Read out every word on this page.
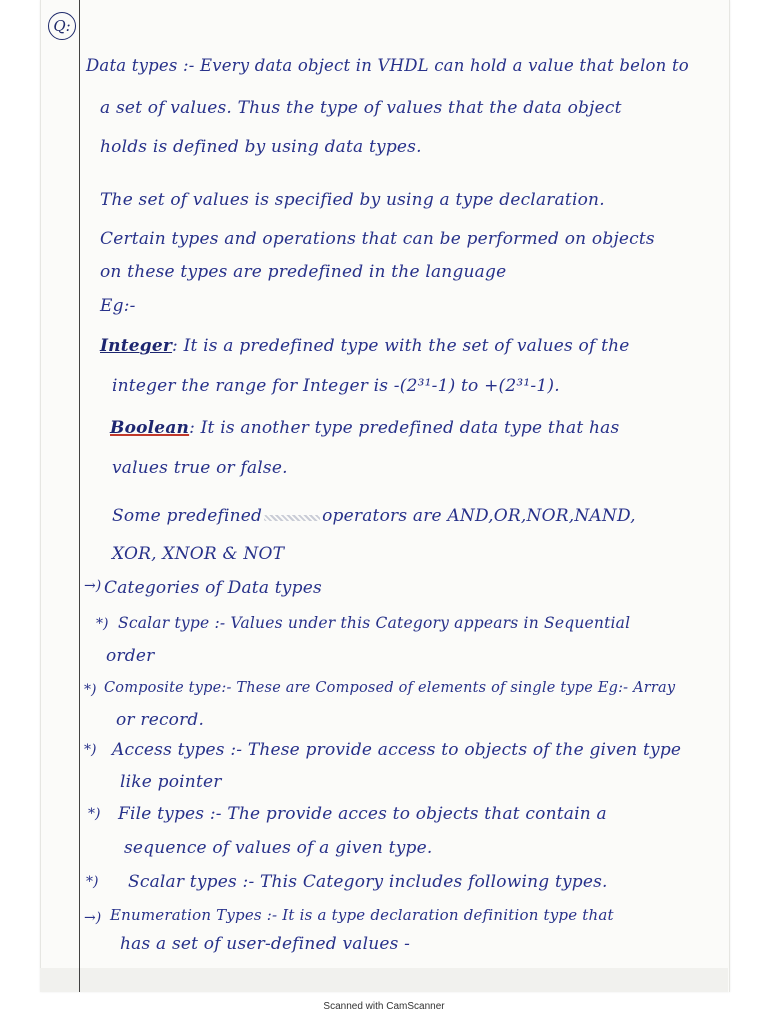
Q:
Data types :- Every data object in VHDL can hold a value that belon to
a set of values. Thus the type of values that the data object
holds is defined by using data types.
The set of values is specified by using a type declaration.
Certain types and operations that can be performed on objects
on these types are predefined in the language
Eg:-
Integer: It is a predefined type with the set of values of the
integer the range for Integer is -(2³¹-1) to +(2³¹-1).
Boolean: It is another type predefined data type that has
values true or false.
Some predefined	operators are AND,OR,NOR,NAND,
XOR, XNOR & NOT
→) Categories of Data types
*) Scalar type :- Values under this Category appears in Sequential
order
*) Composite type:- These are Composed of elements of single type Eg:- Array
or record.
*) Access types :- These provide access to objects of the given type
like pointer
*) File types :- The provide acces to objects that contain a
sequence of values of a given type.
*) Scalar types :- This Category includes following types.
→) Enumeration Types :- It is a type declaration definition type that
has a set of user-defined values -
Scanned with CamScanner
